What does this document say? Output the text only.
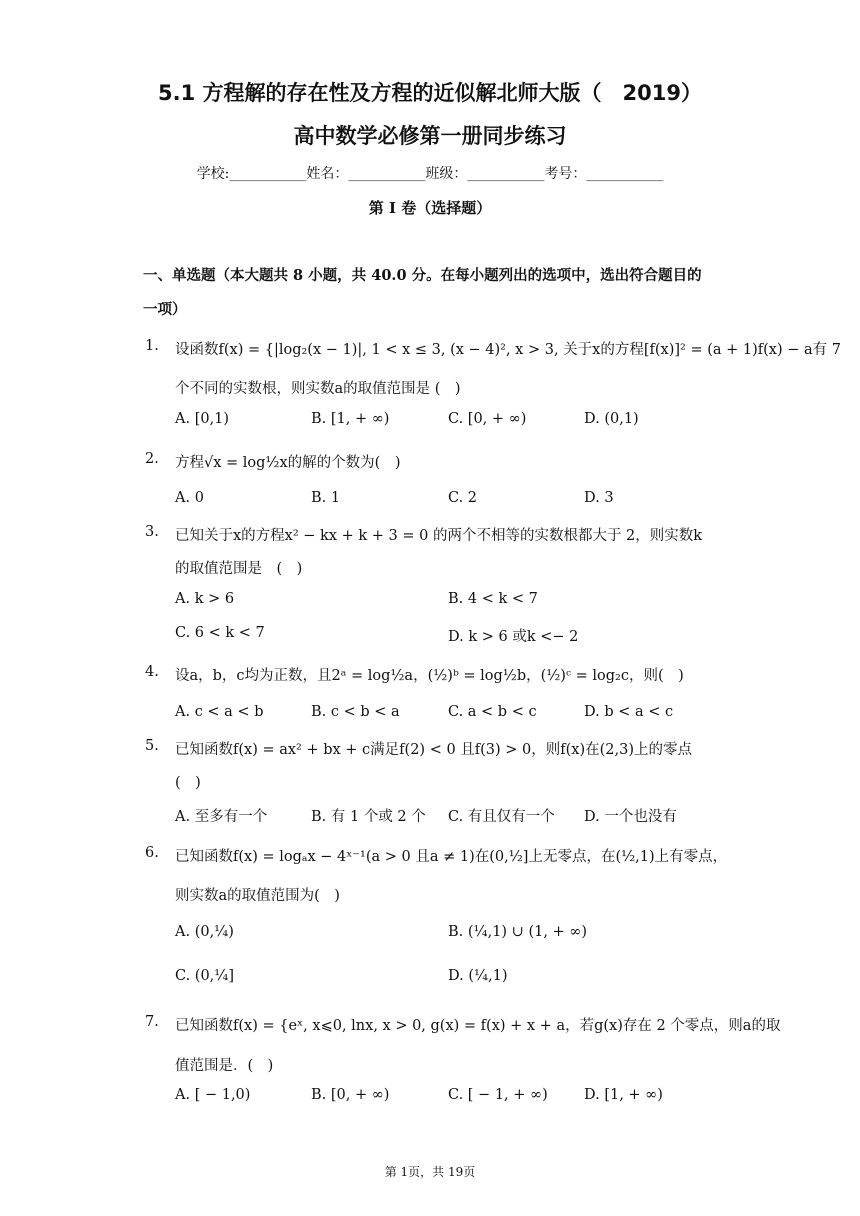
5.1 方程解的存在性及方程的近似解北师大版（　2019）
高中数学必修第一册同步练习
学校:___________姓名：___________班级：___________考号：___________
第 I 卷（选择题）
一、单选题（本大题共 8 小题，共 40.0 分。在每小题列出的选项中，选出符合题目的
一项）
1. 设函数f(x) = {|log₂(x − 1)|, 1 < x ≤ 3, (x − 4)², x > 3, 关于x的方程[f(x)]² = (a + 1)f(x) − a有 7
个不同的实数根，则实数a的取值范围是 (　)
A. [0,1)	B. [1, + ∞)	C. [0, + ∞)	D. (0,1)
2. 方程√x = log½x的解的个数为(　)
A. 0	B. 1	C. 2	D. 3
3. 已知关于x的方程x² − kx + k + 3 = 0 的两个不相等的实数根都大于 2，则实数k
的取值范围是　(　)
A. k > 6	B. 4 < k < 7
C. 6 < k < 7	D. k > 6 或k <− 2
4. 设a，b，c均为正数，且2ᵃ = log½a，(½)ᵇ = log½b，(½)ᶜ = log₂c，则(　)
A. c < a < b	B. c < b < a	C. a < b < c	D. b < a < c
5. 已知函数f(x) = ax² + bx + c满足f(2) < 0 且f(3) > 0，则f(x)在(2,3)上的零点
(　)
A. 至多有一个	B. 有 1 个或 2 个 C. 有且仅有一个 D. 一个也没有
6. 已知函数f(x) = logₐx − 4ˣ⁻¹(a > 0 且a ≠ 1)在(0,½]上无零点，在(½,1)上有零点，
则实数a的取值范围为(　)
A. (0,¼)	B. (¼,1) ∪ (1, + ∞)
C. (0,¼]	D. (¼,1)
7. 已知函数f(x) = {eˣ, x⩽0, lnx, x > 0, g(x) = f(x) + x + a，若g(x)存在 2 个零点，则a的取
值范围是．(　)
A. [ − 1,0)	B. [0, + ∞)	C. [ − 1, + ∞) D. [1, + ∞)
第 1页，共 19页
